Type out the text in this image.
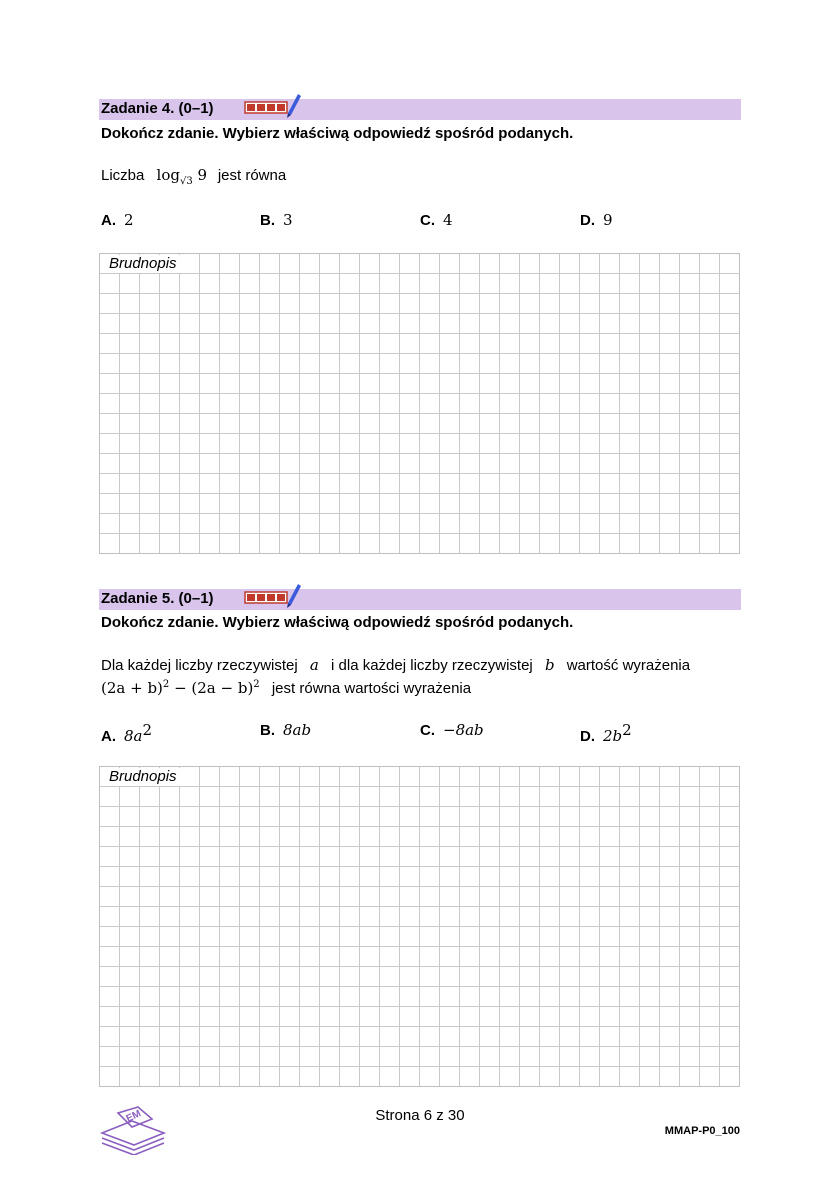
Zadanie 4. (0–1)
Dokończ zdanie. Wybierz właściwą odpowiedź spośród podanych.
Liczba $\log_{√3} 9$ jest równa
A. 2	B. 3	C. 4	D. 9
Brudnopis
Zadanie 5. (0–1)
Dokończ zdanie. Wybierz właściwą odpowiedź spośród podanych.
Dla każdej liczby rzeczywistej a i dla każdej liczby rzeczywistej b wartość wyrażenia
$(2a + b)^2 - (2a - b)^2$ jest równa wartości wyrażenia
A. $8a^2$	B. 8ab	C. −8ab	D. $2b^2$
Brudnopis
EM	Strona 6 z 30
MMAP-P0_100
